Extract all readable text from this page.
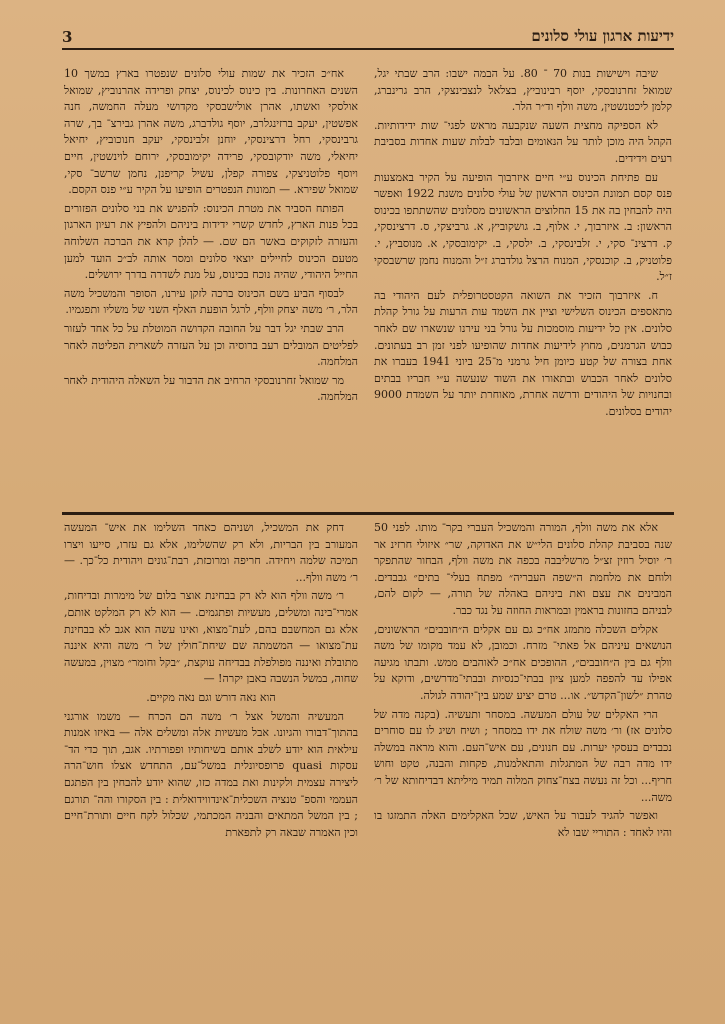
3	ידיעות ארגון עולי סלונים

שיבה וישישות בנות 70 ־ 80. על הבמה ישבו: הרב שבתי יגל, שמואל זחרנובסקי, יוסף רבינוביץ, בצלאל לנצבינצקי, הרב גרינברג, קלמן ליכטנשטין, משה וולף וד״ר הלר.

לא הספיקה מחצית השעה שנקבעה מראש לפגי־ שות ידידותיות. הקהל היה מוכן לותר על הנאומים ובלבד לבלות שעות אחדות בסביבת רעים וידידים.

עם פתיחת הכינוס ע״י חיים איזרבוך הופיעה על הקיר באמצעות פנס קסם תמונת הכינוס הראשון של עולי סלונים משנת 1922 ואפשר היה להבחין בה את 15 החלוצים הראשונים מסלונים שהשתתפו בכינוס הראשון: ב. איזרבוך, י. אלוף, ב. גושקוביץ, א. גרביצקי, ס. דרצינסקי, ק. דרצינ־ סקי, י. זלבינסקי, ב. ילסקי, ב. יקימובסקי, א. מנוסביץ, י. פלוטניק, ב. קוכנסקי, המנוח הרצל גולדברג ז״ל והמנוח נחמן שרשבסקי ז״ל.

ח. איזרבוך הזכיר את השואה הקטסטרופלית לעם היהודי בה מתאספים הכינוס השלישי וציין את השמד עות הרעות על גורל קהלת סלונים. אין כל ידיעות מוסמכות על גורל בני עירנו שנשארו שם לאחר כבוש הגרמנים, מחוץ לידיעות אחדות שהופיעו לפני זמן רב בעתונים. אחת בצורה של קטע כיומן חיל גרמני מ־25 ביוני 1941 בעברו את סלונים לאחר הכבוש ובתאורו את השוד שנעשה ע״י חבריו בבתים ובחנויות של היהודים ודרשה אחרת, מאוחרת יותר על השמדת 9000 יהודים בסלונים.

אח״כ הזכיר את שמות עולי סלונים שנפטרו בארץ במשך 10 השנים האחרונות. בין כינוס לכינוס, יצחק ופרידה אהרנוביץ, שמואל אולסקי ואשתו, אהרן אולישבסקי מקדושי מעלה החמשה, חנה אפשטין, יעקב ברזינגלרב, יוסף גולדברג, משה אהרן גבירצ־ בך, שרה גרבינסקי, רחל דרצינסקי, יוחנן זלבינסקי, יעקב חנוכוביץ, יחיאל יחיאלי, משה יודקובסקי, פרידה יקימובסקי, ירוחם לוינשטין, חיים ויוסף פלוטניצקי, צפורה קפלן, עשיל קריפנן, נחמן שרשב־ סקי, שמואל שפירא. — תמונות הנפטרים הופיעו על הקיר ע״י פנס הקסם.

הפותח הסביר את מטרת הכינוס: להפגיש את בני סלונים הפזורים בכל פנות הארץ, לחדש קשרי ידידות ביניהם ולהפיץ את רעיון הארגון והעזרה לזקוקים באשר הם שם. — להלן קרא את הברכה השלוחה מטעם הכינוס לחיילים יוצאי סלונים ומסר אותה לב״כ הועד למען החייל היהודי, שהיה נוכח בכינוס, על מנת לשדרה בדרך ירושלים.

לבסוף הביע בשם הכינוס ברכה לזקן עירנו, הסופר והמשכיל משה הלר, ר׳ משה יצחק וולף, לרגל הופעת האלף השני של משליו ותפגמיו.

הרב שבתי יגל דבר על החובה הקדושה המוטלת על כל אחד לעזור לפליטים המובלים רעב ברוסיה וכן על העזרה לשארית הפליטה לאחר המלחמה.

מר שמואל זחרנובסקי הרחיב את הדבור על השאלה היהודית לאחר המלחמה.

אלא את משה וולף, המורה והמשכיל העברי בקר־ מותו. לפני 50 שנה בסביבת קהלת סלונים הלי״ש את האדוקה, שר״ איזולי חרזינ אר ר׳ יוסיל רוזין זצ״ל מרשליבבה בכפה את משה וולף, הבחור שהתפקר ולוחם את מלחמת ה״שפה העבריה״ מפתח בעלי־ בתים״ גבבדים. המבינים את עצם ואת ביניהם באהלה של תורה, — לקום להם, לבניהם בחזונות בראמין ובמראות החוזה על נגד כבר.

אקלים השכלה מתמזג אח״כ גם עם אקלים ה״חובבים״ הראשונים, הנושאים עיניהם אל פאתי־ מזרח. וכמובן, לא עמד מקומו של משה וולף גם בין ה״חובבים״, ההופכים אח״כ לאוהבים ממש. ותבתו מגיעה אפילו עד להפפה למען ציון בבתי־כנסיות ובבתי־מדרשים, ודוקא על טהרת ״לשון־הקדש״. או... טרם יציע שמע בין־יהודה לגולה.

הרי האקלים של עולם המעשה. במסחר ותעשיה. (בקנה מדה של סלונים אז) ור׳ משה שולח את ידו במסחר ; ושיח ושיג לו עם סוחרים נכבדים בעסקי יערות. עם חנונים, עם איש־העם. והוא מראה במשלה ידו מדה רבה של המתגלות והתאלמנות, פקחות והבנה, טקט וחוש חריף... וכל זה נעשה בצח־צחוק המלוה תמיד מיליתא דבדיחותא של ר׳ משה...

ואפשר להגיד לעבור על האיש, שכל האקלימים האלה התמזגו בו והיו לאחד : התוריי שבו לא

דחק את המשכיל, ושניהם כאחד השלימו את איש־ המעשה המעורב בין הבריות, ולא רק שהשלימו, אלא גם עזרו, סייעו ויצרו תמיכה שלמה ויחידה. חריפה ומרוכזת, רבת־גונים ויהודית כל־כך. — ר׳ משה וולף...

ר׳ משה וולף הוא לא רק בבחינת אוצר בלום של מימרות ובדיחות, אמרי־בינה ומשלים, מעשיות ופתגמים. — הוא לא רק המלקט אותם, אלא גם המחשבם בהם, לעת־מצוא, ואינו עשה הוא אגב לא בבחינת עת־מצואו — המשמתה שם שיחת־חולין של ר׳ משה והיא איננה מתובלת ואיננה מפולפלת בבדיחה עוקצת, ״בקל וחומר״ מצוין, במעשה שחוה, במשל הנשבה באבן יקרה! —

הוא נאה דורש וגם נאה מקיים.

המעשיה והמשל אצל ר׳ משה הם הכרח — משמו אורגני בהתוך־דבורו והגיונו. אבל מעשיות אלה ומשלים אלה — באיזו אמנות עילאית הוא יודע לשלב אותם בשיחותיו ופפורתיו. אגב, תוך כדי הד־ עסקות quasi פרופסיונלית במשל־עם, התחדש אצלו חוש־הרה ליצירה עצמית ולקינות ואת במדה כזו, שהוא יודע להבחין בין הפתגם העממי והספ־ טנציה השכלית־אינדווידואלית : בין הסקורו והה־ תורגם ; בין המשל המתאים והבניה המכתמי, שכלול לקח חיים ותורת־חיים וכין האמרה שבאה רק לתפארת
